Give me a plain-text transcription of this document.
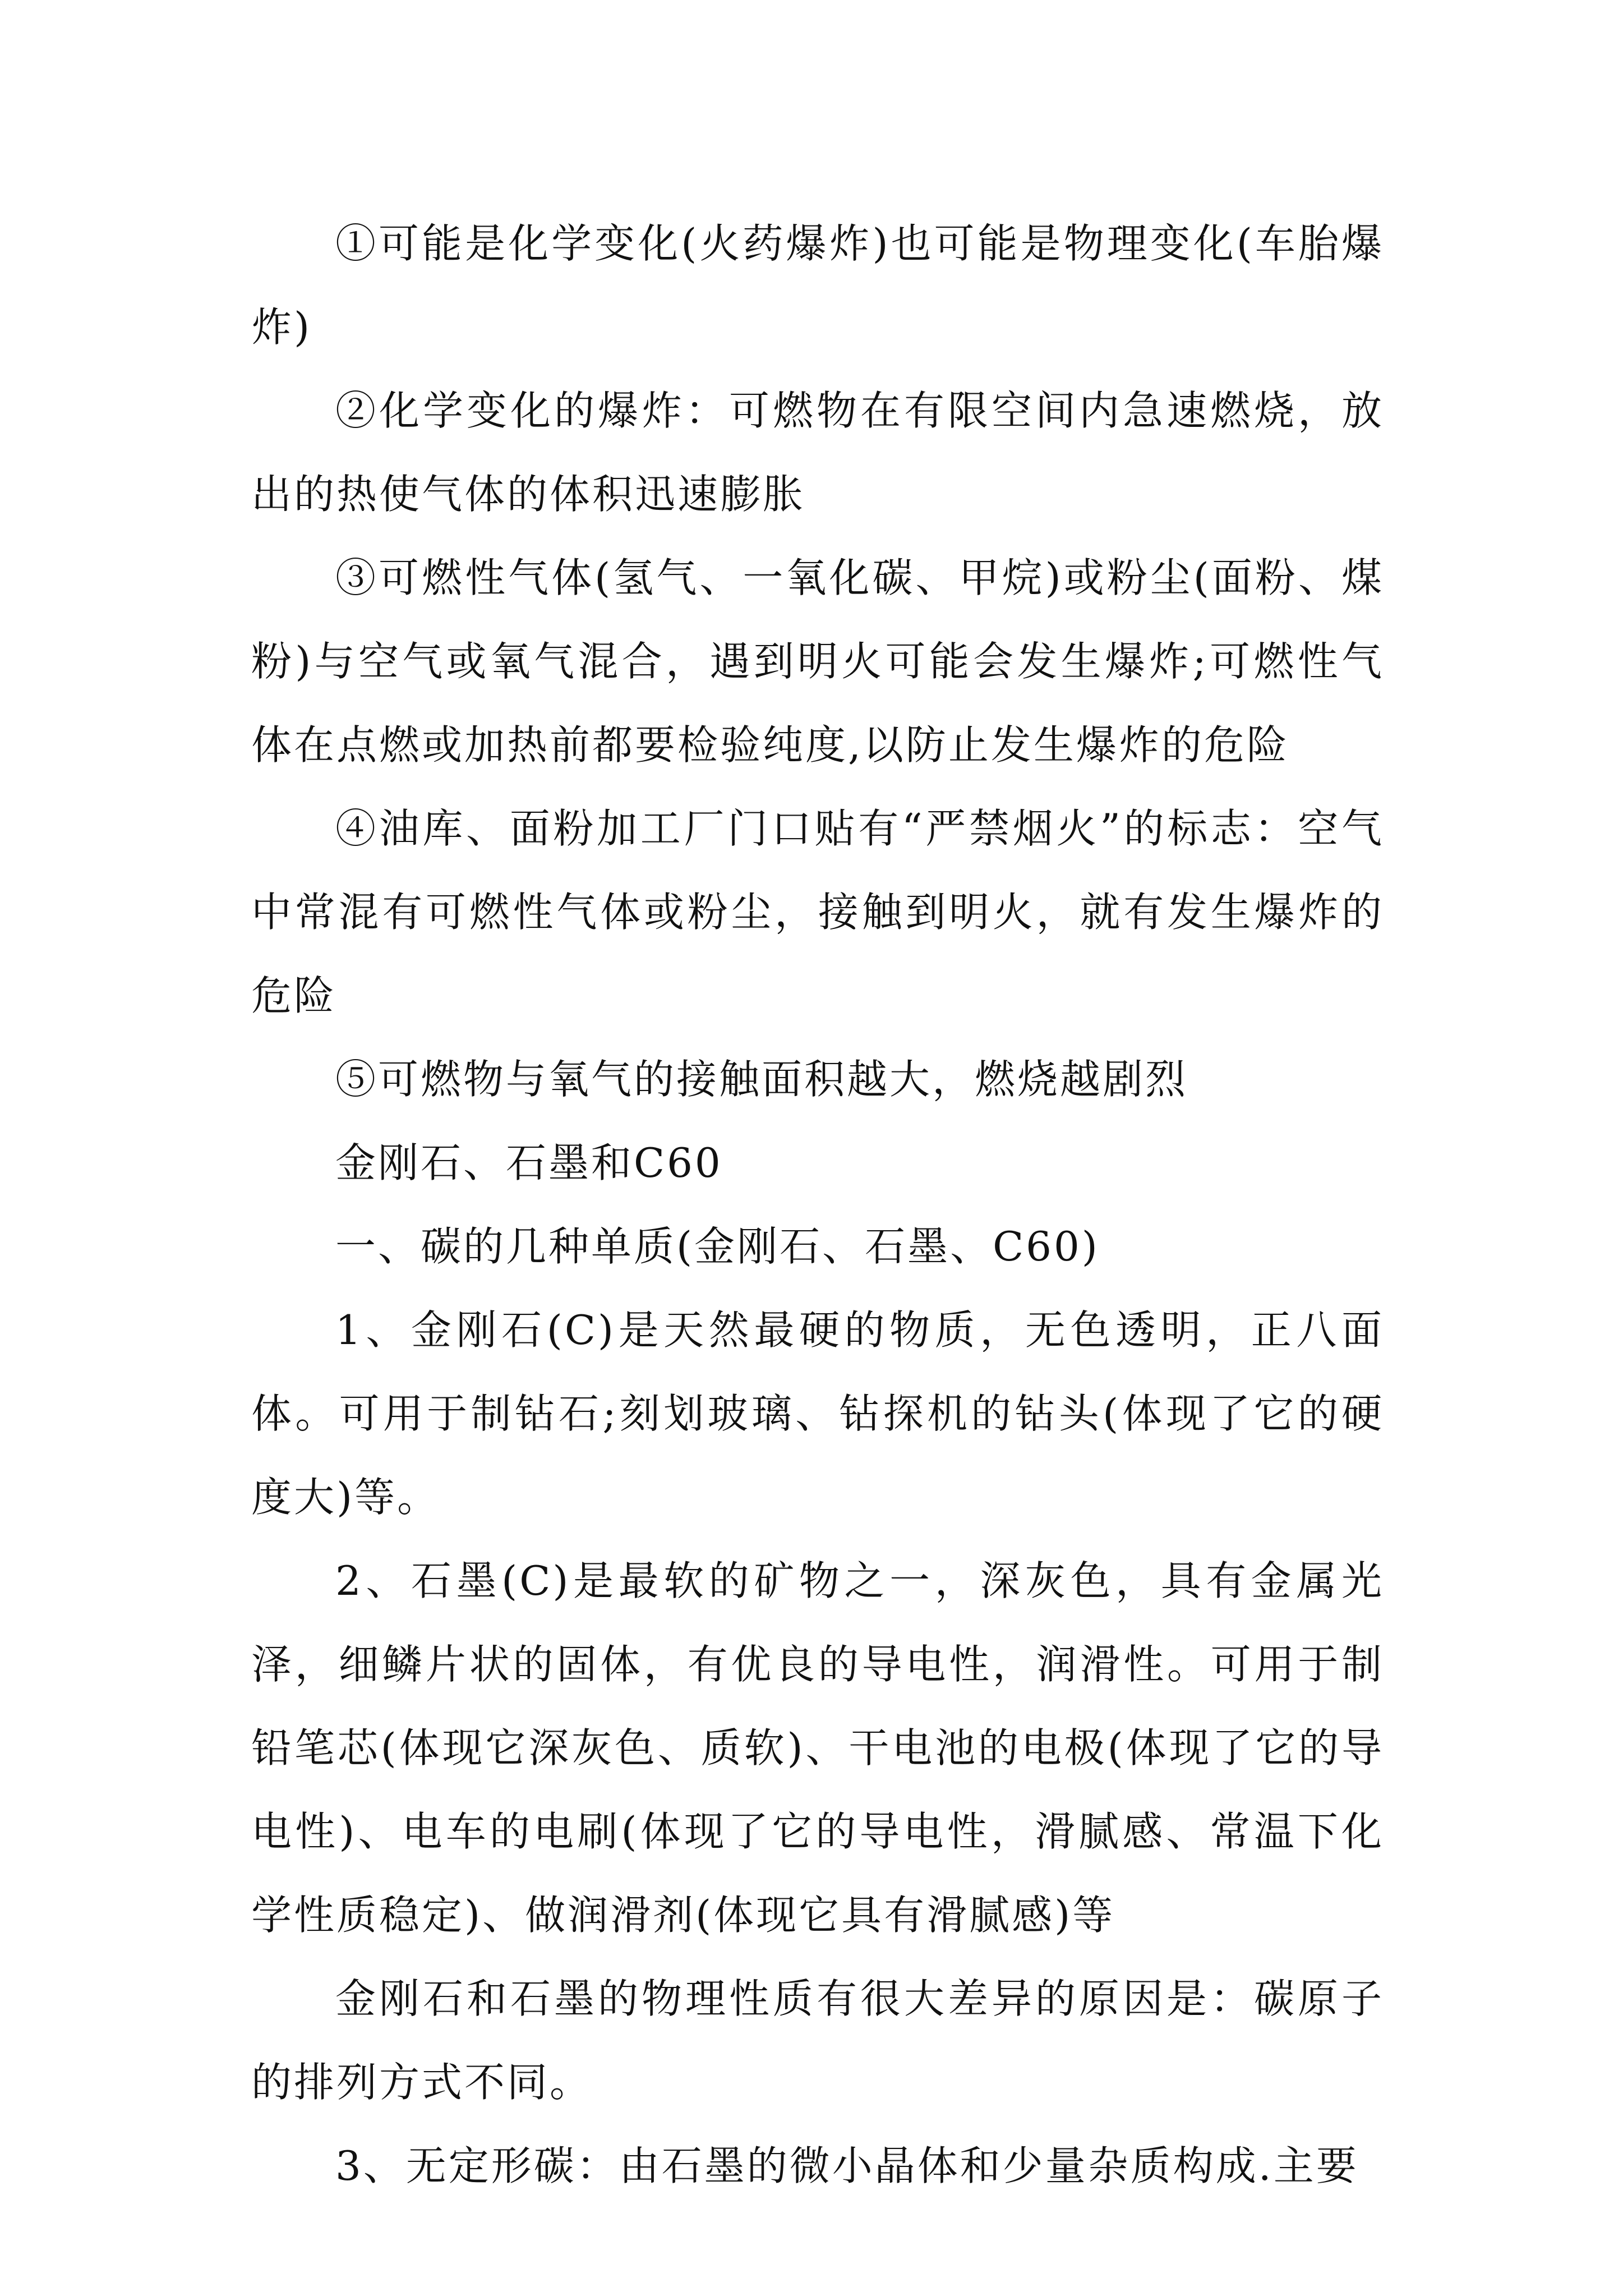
①可能是化学变化(火药爆炸)也可能是物理变化(车胎爆炸)

②化学变化的爆炸：可燃物在有限空间内急速燃烧，放出的热使气体的体积迅速膨胀

③可燃性气体(氢气、一氧化碳、甲烷)或粉尘(面粉、煤粉)与空气或氧气混合，遇到明火可能会发生爆炸;可燃性气体在点燃或加热前都要检验纯度,以防止发生爆炸的危险

④油库、面粉加工厂门口贴有“严禁烟火”的标志：空气中常混有可燃性气体或粉尘，接触到明火，就有发生爆炸的危险

⑤可燃物与氧气的接触面积越大，燃烧越剧烈

金刚石、石墨和C60

一、碳的几种单质(金刚石、石墨、C60)

1、金刚石(C)是天然最硬的物质，无色透明，正八面体。可用于制钻石;刻划玻璃、钻探机的钻头(体现了它的硬度大)等。

2、石墨(C)是最软的矿物之一，深灰色，具有金属光泽，细鳞片状的固体，有优良的导电性，润滑性。可用于制铅笔芯(体现它深灰色、质软)、干电池的电极(体现了它的导电性)、电车的电刷(体现了它的导电性，滑腻感、常温下化学性质稳定)、做润滑剂(体现它具有滑腻感)等

金刚石和石墨的物理性质有很大差异的原因是：碳原子的排列方式不同。

3、无定形碳：由石墨的微小晶体和少量杂质构成.主要
